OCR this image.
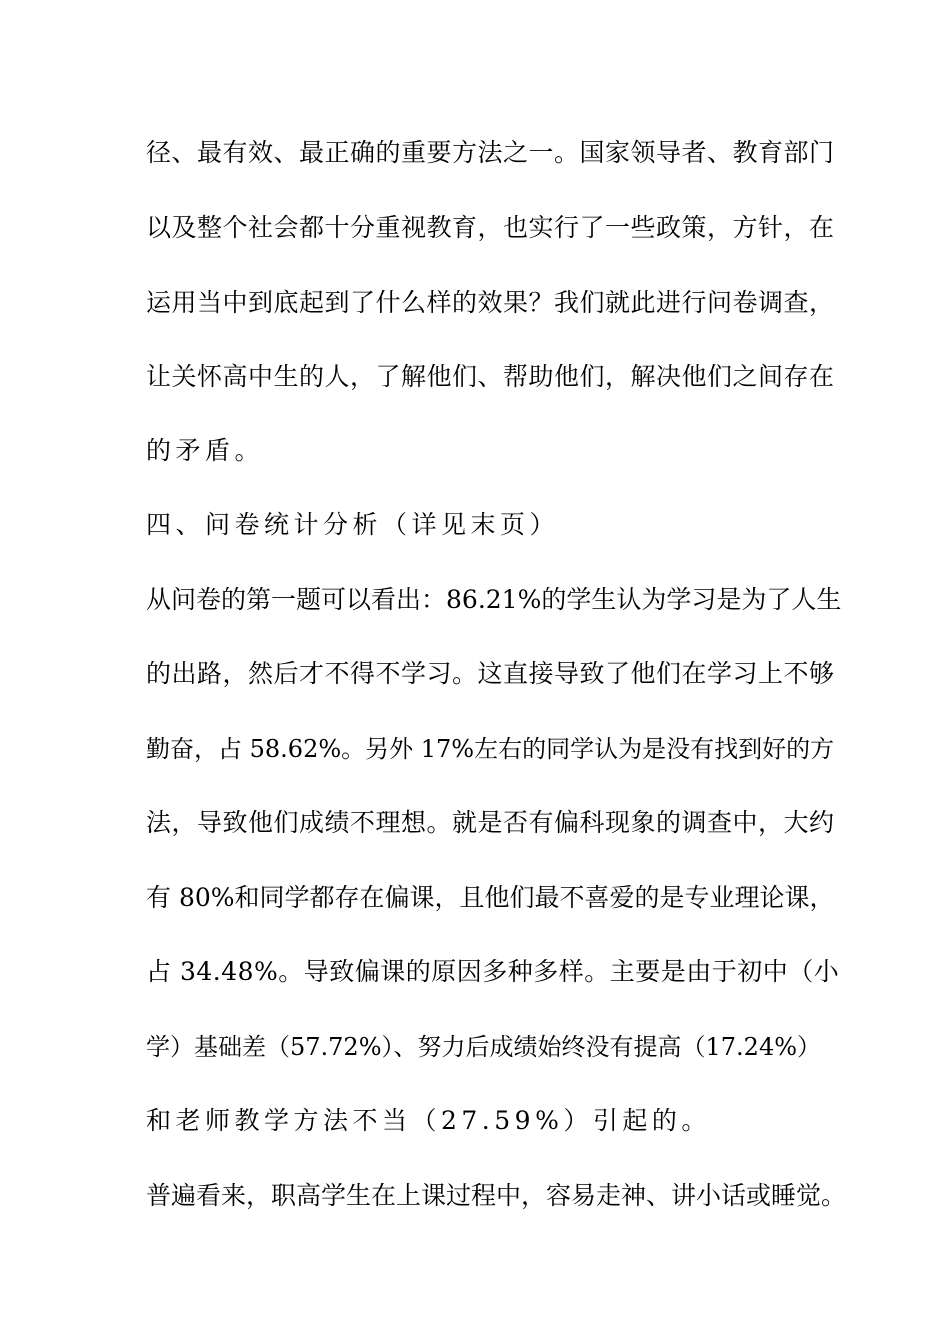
径、最有效、最正确的重要方法之一。国家领导者、教育部门
以及整个社会都十分重视教育，也实行了一些政策，方针，在
运用当中到底起到了什么样的效果？我们就此进行问卷调查，
让关怀高中生的人，了解他们、帮助他们，解决他们之间存在
的矛盾。
四、问卷统计分析（详见末页）
从问卷的第一题可以看出：86.21%的学生认为学习是为了人生
的出路，然后才不得不学习。这直接导致了他们在学习上不够
勤奋，占 58.62%。另外 17%左右的同学认为是没有找到好的方
法，导致他们成绩不理想。就是否有偏科现象的调查中，大约
有 80%和同学都存在偏课，且他们最不喜爱的是专业理论课，
占 34.48%。导致偏课的原因多种多样。主要是由于初中（小
学）基础差（57.72%）、努力后成绩始终没有提高（17.24%）
和老师教学方法不当（27.59%）引起的。
普遍看来，职高学生在上课过程中，容易走神、讲小话或睡觉。
